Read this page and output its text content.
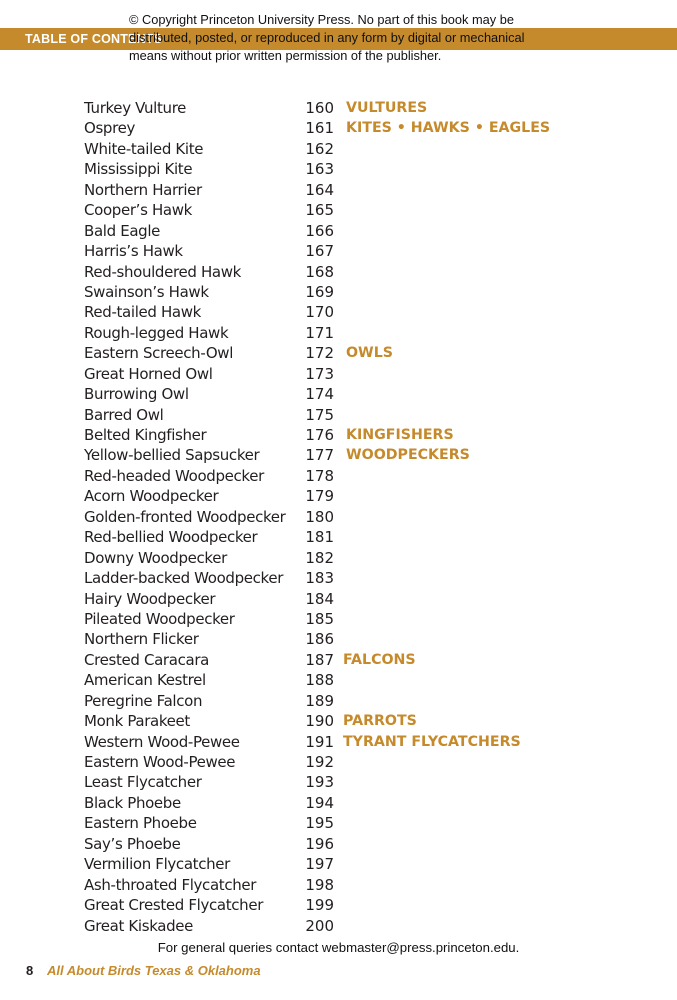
TABLE OF CONTENTS
© Copyright Princeton University Press. No part of this book may be distributed, posted, or reproduced in any form by digital or mechanical means without prior written permission of the publisher.
Turkey Vulture	160 VULTURES
Osprey	161 KITES • HAWKS • EAGLES
White-tailed Kite	162
Mississippi Kite	163
Northern Harrier	164
Cooper’s Hawk	165
Bald Eagle	166
Harris’s Hawk	167
Red-shouldered Hawk	168
Swainson’s Hawk	169
Red-tailed Hawk	170
Rough-legged Hawk	171
Eastern Screech-Owl	172 OWLS
Great Horned Owl	173
Burrowing Owl	174
Barred Owl	175
Belted Kingfisher	176 KINGFISHERS
Yellow-bellied Sapsucker	177 WOODPECKERS
Red-headed Woodpecker	178
Acorn Woodpecker	179
Golden-fronted Woodpecker	180
Red-bellied Woodpecker	181
Downy Woodpecker	182
Ladder-backed Woodpecker	183
Hairy Woodpecker	184
Pileated Woodpecker	185
Northern Flicker	186
Crested Caracara	187 FALCONS
American Kestrel	188
Peregrine Falcon	189
Monk Parakeet	190 PARROTS
Western Wood-Pewee	191 TYRANT FLYCATCHERS
Eastern Wood-Pewee	192
Least Flycatcher	193
Black Phoebe	194
Eastern Phoebe	195
Say’s Phoebe	196
Vermilion Flycatcher	197
Ash-throated Flycatcher	198
Great Crested Flycatcher	199
Great Kiskadee	200
For general queries contact webmaster@press.princeton.edu.
8 All About Birds Texas & Oklahoma
